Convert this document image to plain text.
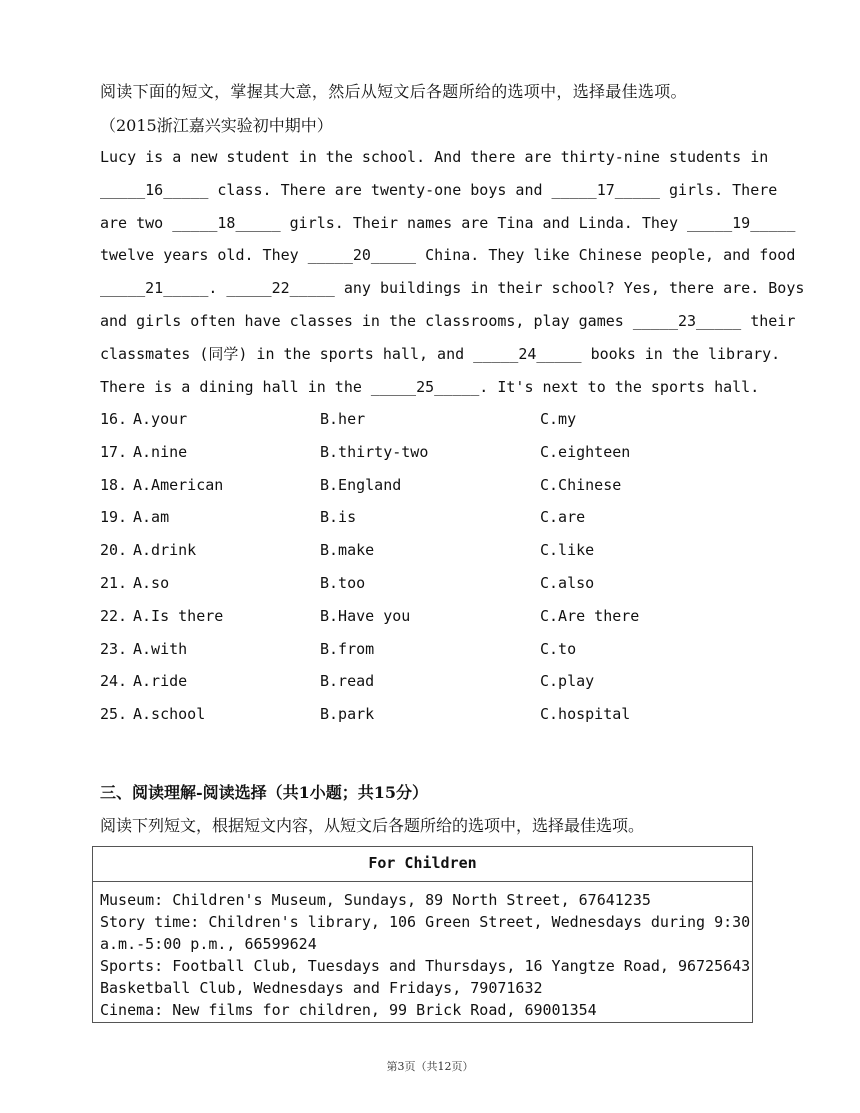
阅读下面的短文，掌握其大意，然后从短文后各题所给的选项中，选择最佳选项。
（2015浙江嘉兴实验初中期中）
Lucy is a new student in the school. And there are thirty-nine students in
_____16_____ class. There are twenty-one boys and _____17_____ girls. There
are two _____18_____ girls. Their names are Tina and Linda. They _____19_____
twelve years old. They _____20_____ China. They like Chinese people, and food
_____21_____. _____22_____ any buildings in their school? Yes, there are. Boys
and girls often have classes in the classrooms, play games _____23_____ their
classmates (同学) in the sports hall, and _____24_____ books in the library.
There is a dining hall in the _____25_____. It's next to the sports hall.
16. A.your	B.her	C.my
17. A.nine	B.thirty-two	C.eighteen
18. A.American	B.England	C.Chinese
19. A.am	B.is	C.are
20. A.drink	B.make	C.like
21. A.so	B.too	C.also
22. A.Is there	B.Have you	C.Are there
23. A.with	B.from	C.to
24. A.ride	B.read	C.play
25. A.school	B.park	C.hospital
三、阅读理解-阅读选择（共1小题；共15分）
阅读下列短文，根据短文内容，从短文后各题所给的选项中，选择最佳选项。
For Children
Museum: Children's Museum, Sundays, 89 North Street, 67641235
Story time: Children's library, 106 Green Street, Wednesdays during 9:30
a.m.-5:00 p.m., 66599624
Sports: Football Club, Tuesdays and Thursdays, 16 Yangtze Road, 96725643
Basketball Club, Wednesdays and Fridays, 79071632
Cinema: New films for children, 99 Brick Road, 69001354
第3页（共12页）
